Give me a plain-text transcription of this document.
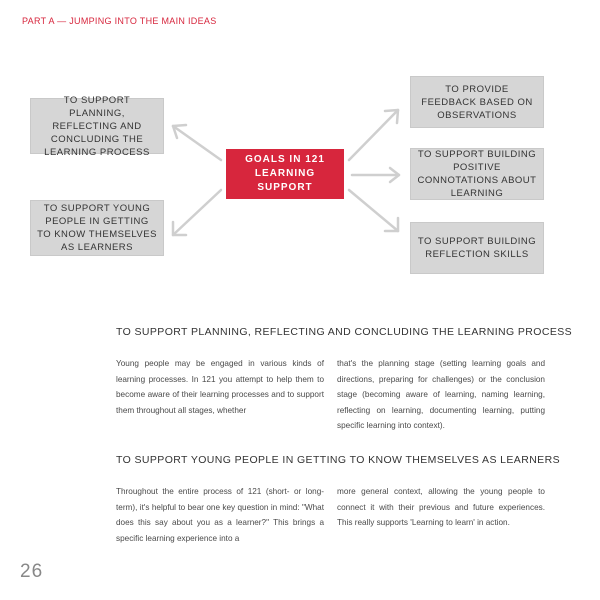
PART A — JUMPING INTO THE MAIN IDEAS
TO SUPPORT PLANNING, REFLECTING AND CONCLUDING THE LEARNING PROCESS
TO SUPPORT YOUNG PEOPLE IN GETTING TO KNOW THEMSELVES AS LEARNERS
GOALS IN 121 LEARNING SUPPORT
TO PROVIDE FEEDBACK BASED ON OBSERVATIONS
TO SUPPORT BUILDING POSITIVE CONNOTATIONS ABOUT LEARNING
TO SUPPORT BUILDING REFLECTION SKILLS
TO SUPPORT PLANNING, REFLECTING AND CONCLUDING THE LEARNING PROCESS
Young people may be engaged in various kinds of learning processes. In 121 you attempt to help them to become aware of their learning processes and to support them throughout all stages, whether
that's the planning stage (setting learning goals and directions, preparing for challenges) or the conclusion stage (becoming aware of learning, naming learning, reflecting on learning, documenting learning, putting specific learning into context).
TO SUPPORT YOUNG PEOPLE IN GETTING TO KNOW THEMSELVES AS LEARNERS
Throughout the entire process of 121 (short- or long-term), it's helpful to bear one key question in mind: "What does this say about you as a learner?" This brings a specific learning experience into a
more general context, allowing the young people to connect it with their previous and future experiences. This really supports 'Learning to learn' in action.
26
